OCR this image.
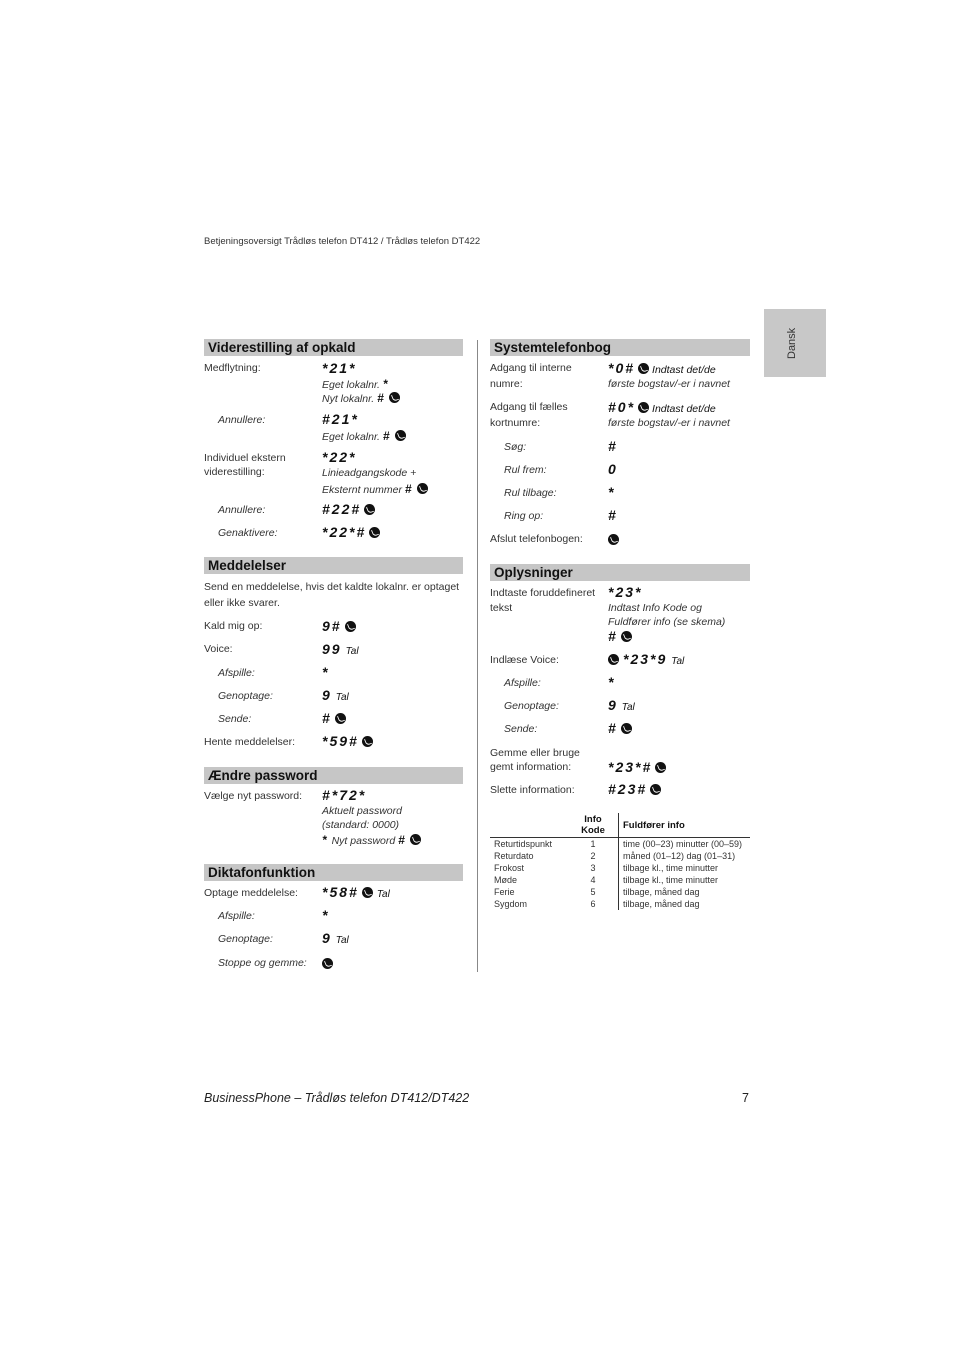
Betjeningsoversigt Trådløs telefon DT412 / Trådløs telefon DT422
Dansk
Viderestilling af opkald
Medflytning:	*21*
Eget lokalnr. *
Nyt lokalnr. #
Annullere:	#21*
Eget lokalnr. #
Individuel ekstern
viderestilling:
*22*
Linieadgangskode +
Eksternt nummer #
Annullere:	#22#
Genaktivere:	*22*#
Meddelelser
Send en meddelelse, hvis det kaldte lokalnr. er optaget
eller ikke svarer.
Kald mig op:	9#
Voice:	99 Tal
Afspille:	*
Genoptage:	9 Tal
Sende:	#
Hente meddelelser: *59#
Ændre password
Vælge nyt password: #*72*
Aktuelt password
(standard: 0000)
* Nyt password #
Diktafonfunktion
Optage meddelelse: *58# Tal
Afspille:	*
Genoptage:	9 Tal
Stoppe og gemme:
Systemtelefonbog
Adgang til interne
numre:
*0# Indtast det/de
første bogstav/-er i navnet
Adgang til fælles
kortnumre:
#0* Indtast det/de
første bogstav/-er i navnet
Søg:	#
Rul frem:	0
Rul tilbage:	*
Ring op:	#
Afslut telefonbogen:
Oplysninger
Indtaste foruddefineret
tekst
*23*
Indtast Info Kode og
Fuldfører info (se skema)
#
Indlæse Voice:	*23*9 Tal
Afspille:	*
Genoptage:	9 Tal
Sende:	#
Gemme eller bruge
gemt information:	*23*#
Slette information: #23#
	Info Kode	Fuldfører info
Returtidspunkt	1	time (00–23) minutter (00–59)
Returdato	2	måned (01–12) dag (01–31)
Frokost	3	tilbage kl., time minutter
Møde	4	tilbage kl., time minutter
Ferie	5	tilbage, måned dag
Sygdom	6	tilbage, måned dag
BusinessPhone – Trådløs telefon DT412/DT422	7
